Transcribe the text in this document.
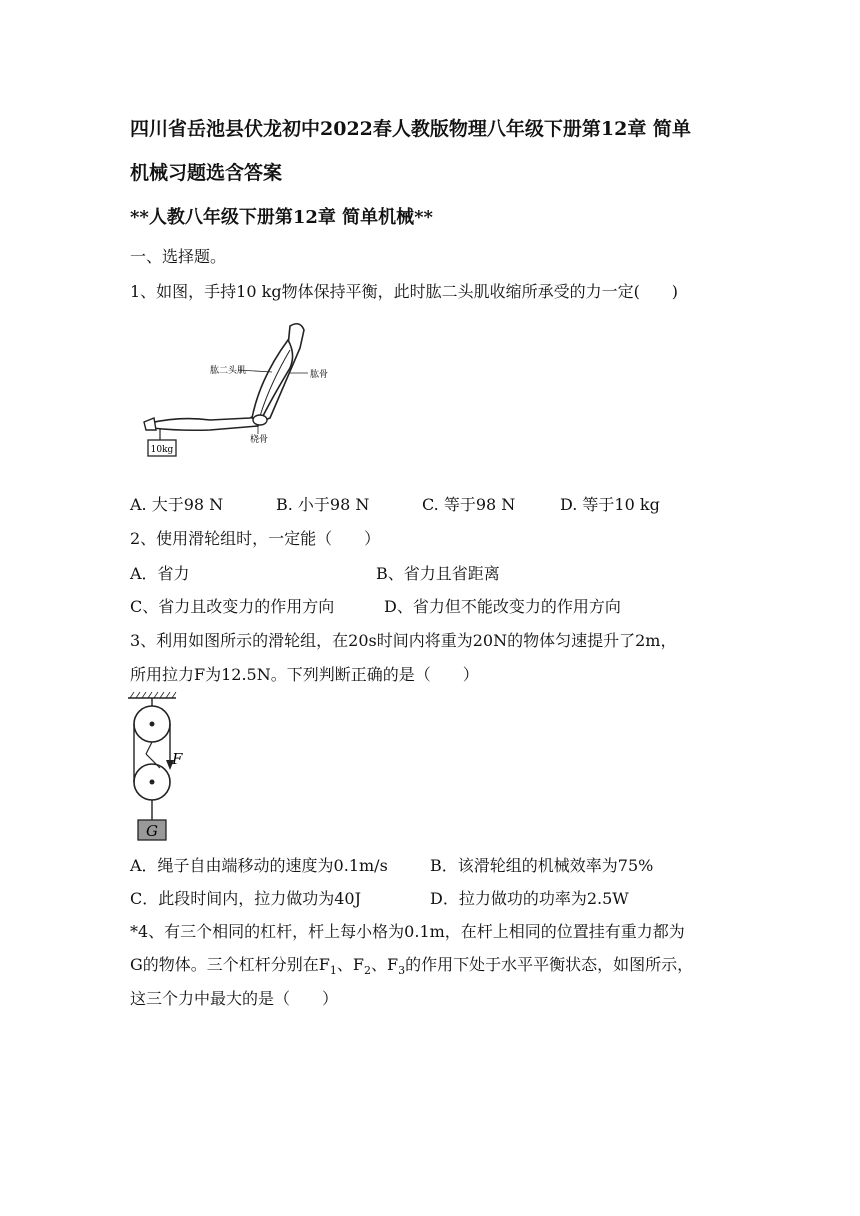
四川省岳池县伏龙初中2022春人教版物理八年级下册第12章 简单
机械习题选含答案
**人教八年级下册第12章 简单机械**
一、选择题。
1、如图，手持10 kg物体保持平衡，此时肱二头肌收缩所承受的力一定(　　)
10kg
肱二头肌	肱骨
桡骨
A. 大于98 N	B. 小于98 N	C. 等于98 N	D. 等于10 kg
2、使用滑轮组时，一定能（　　）
A．省力	B、省力且省距离
C、省力且改变力的作用方向	D、省力但不能改变力的作用方向
3、利用如图所示的滑轮组，在20s时间内将重为20N的物体匀速提升了2m，
所用拉力F为12.5N。下列判断正确的是（　　）
F
G
A．绳子自由端移动的速度为0.1m/s	B．该滑轮组的机械效率为75%
C．此段时间内，拉力做功为40J	D．拉力做功的功率为2.5W
*4、有三个相同的杠杆，杆上每小格为0.1m，在杆上相同的位置挂有重力都为
G的物体。三个杠杆分别在$F_1$、$F_2$、$F_3$的作用下处于水平平衡状态，如图所示，
这三个力中最大的是（　　）
